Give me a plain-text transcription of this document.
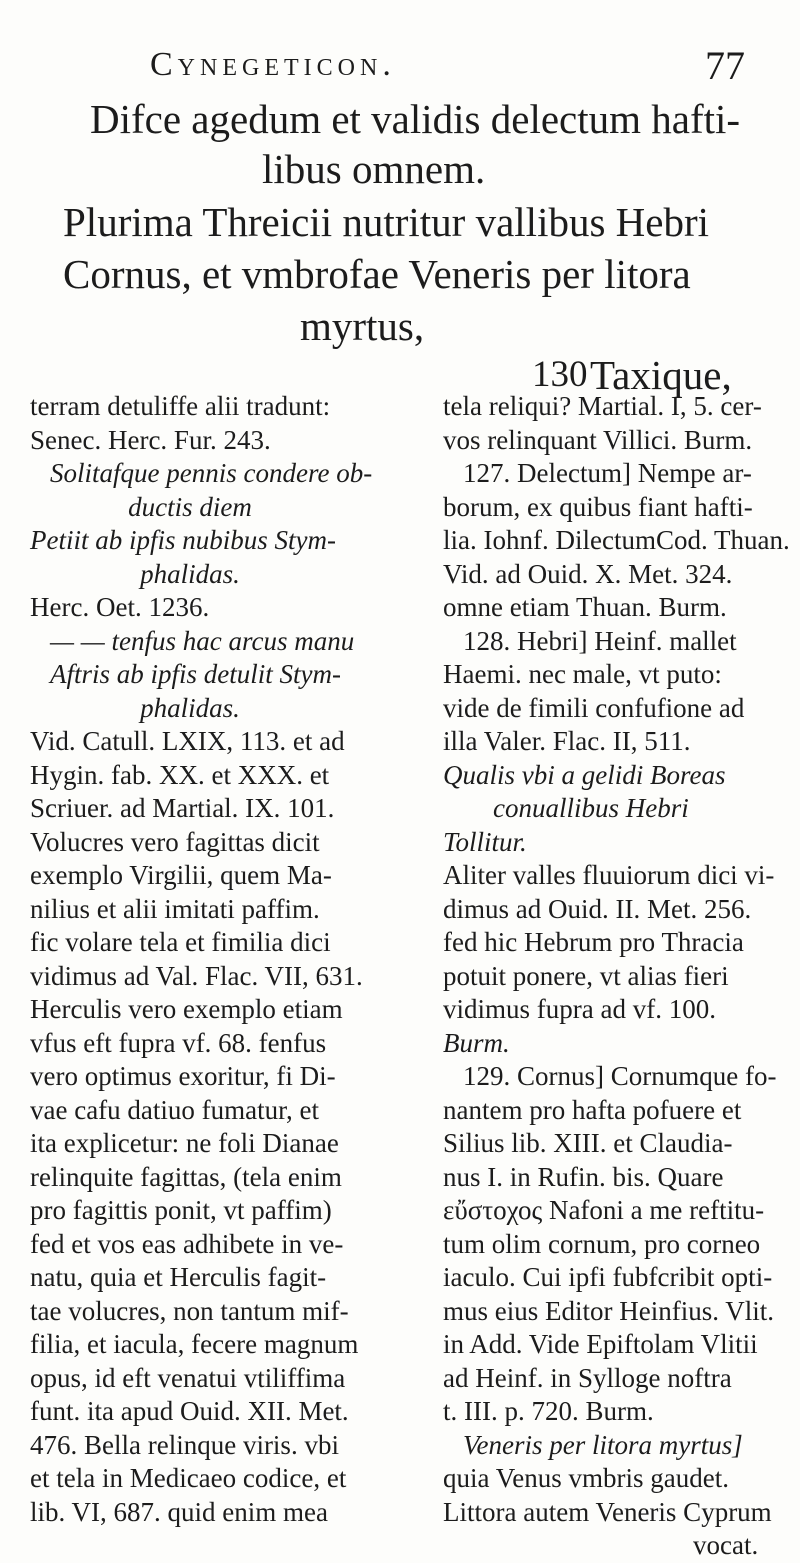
Cynegeticon.	77
Difce agedum et validis delectum hafti-
libus omnem.
Plurima Threicii nutritur vallibus Hebri
Cornus, et vmbrofae Veneris per litora
myrtus,
130 Taxique,
terram detuliffe alii tradunt:
Senec. Herc. Fur. 243.
Solitafque pennis condere ob-
ductis diem
Petiit ab ipfis nubibus Stym-
phalidas.
Herc. Oet. 1236.
— — tenfus hac arcus manu
Aftris ab ipfis detulit Stym-
phalidas.
Vid. Catull. LXIX, 113. et ad
Hygin. fab. XX. et XXX. et
Scriuer. ad Martial. IX. 101.
Volucres vero fagittas dicit
exemplo Virgilii, quem Ma-
nilius et alii imitati paffim.
fic volare tela et fimilia dici
vidimus ad Val. Flac. VII, 631.
Herculis vero exemplo etiam
vfus eft fupra vf. 68. fenfus
vero optimus exoritur, fi Di-
vae cafu datiuo fumatur, et
ita explicetur: ne foli Dianae
relinquite fagittas, (tela enim
pro fagittis ponit, vt paffim)
fed et vos eas adhibete in ve-
natu, quia et Herculis fagit-
tae volucres, non tantum mif-
filia, et iacula, fecere magnum
opus, id eft venatui vtiliffima
funt. ita apud Ouid. XII. Met.
476. Bella relinque viris. vbi
et tela in Medicaeo codice, et
lib. VI, 687. quid enim mea
tela reliqui? Martial. I, 5. cer-
vos relinquant Villici. Burm.
127. Delectum] Nempe ar-
borum, ex quibus fiant hafti-
lia. Iohnf. DilectumCod. Thuan.
Vid. ad Ouid. X. Met. 324.
omne etiam Thuan. Burm.
128. Hebri] Heinf. mallet
Haemi. nec male, vt puto:
vide de fimili confufione ad
illa Valer. Flac. II, 511.
Qualis vbi a gelidi Boreas
conuallibus Hebri
Tollitur.
Aliter valles fluuiorum dici vi-
dimus ad Ouid. II. Met. 256.
fed hic Hebrum pro Thracia
potuit ponere, vt alias fieri
vidimus fupra ad vf. 100.
Burm.
129. Cornus] Cornumque fo-
nantem pro hafta pofuere et
Silius lib. XIII. et Claudia-
nus I. in Rufin. bis. Quare
εὔστοχος Nafoni a me reftitu-
tum olim cornum, pro corneo
iaculo. Cui ipfi fubfcribit opti-
mus eius Editor Heinfius. Vlit.
in Add. Vide Epiftolam Vlitii
ad Heinf. in Sylloge noftra
t. III. p. 720. Burm.
Veneris per litora myrtus]
quia Venus vmbris gaudet.
Littora autem Veneris Cyprum
vocat.
